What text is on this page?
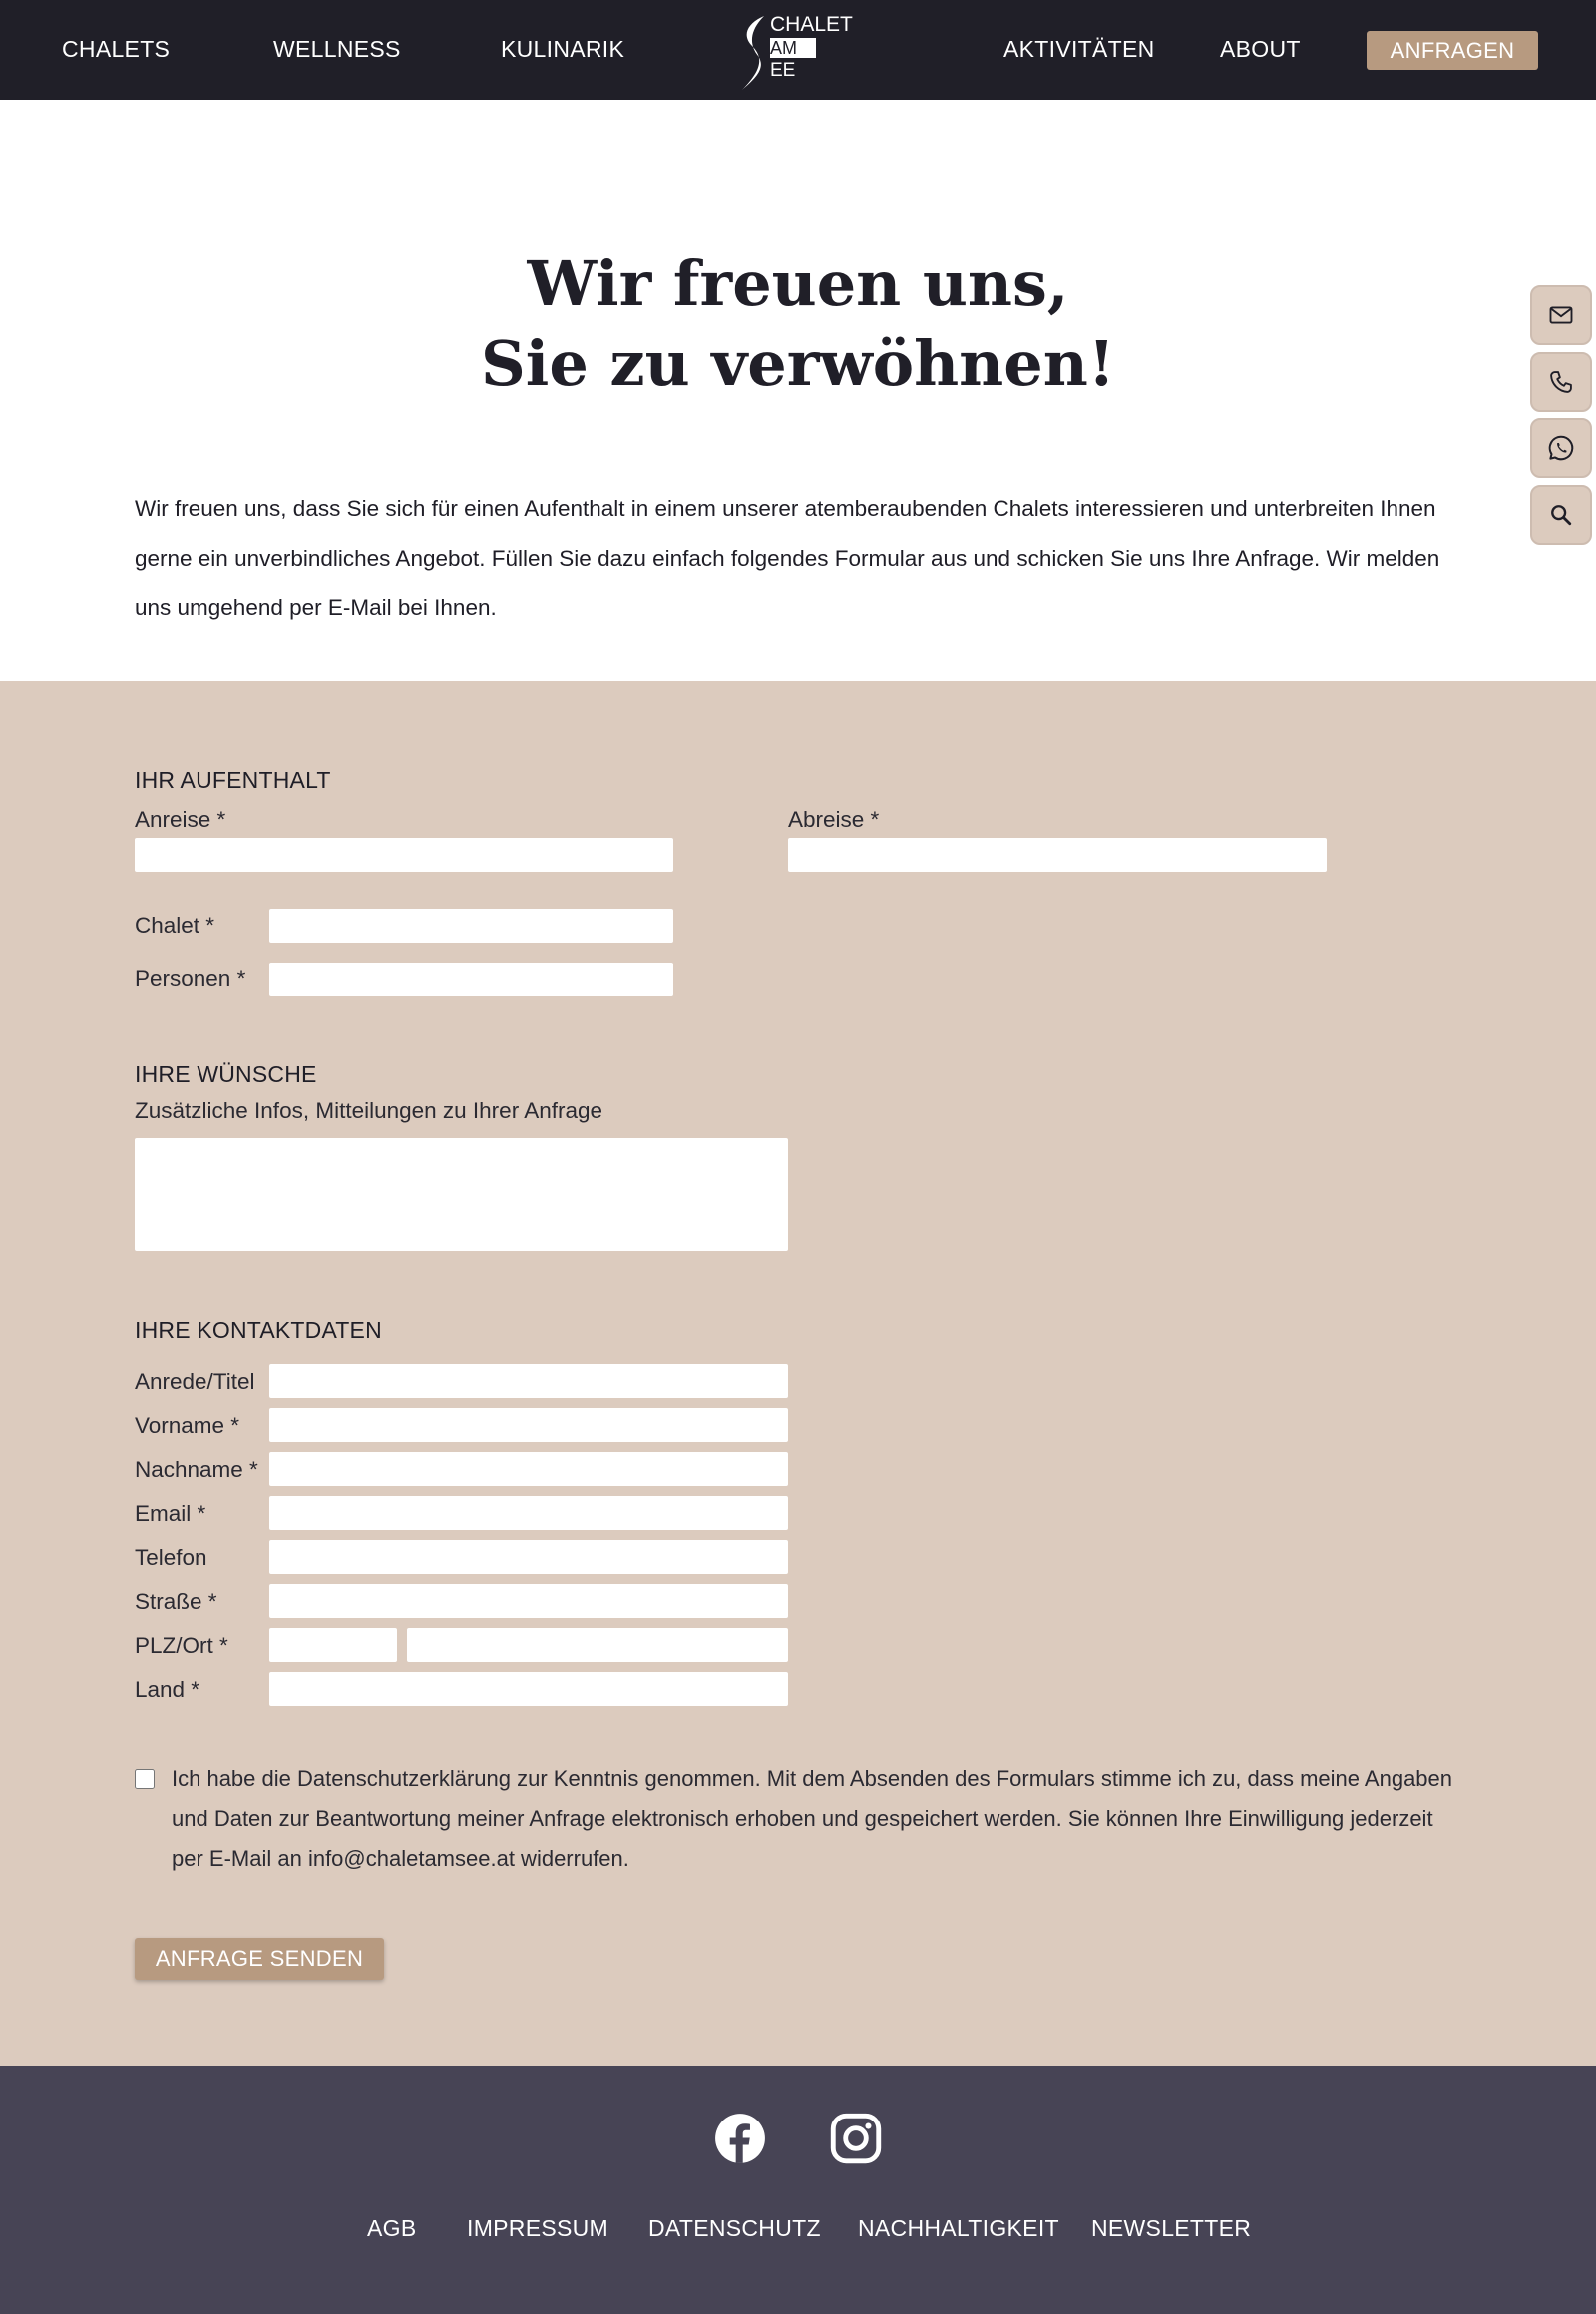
CHALETS	WELLNESS	KULINARIK
CHALET
AM
EE
AKTIVITÄTEN	ABOUT	ANFRAGEN
Wir freuen uns,
Sie zu verwöhnen!

Wir freuen uns, dass Sie sich für einen Aufenthalt in einem unserer atemberaubenden Chalets interessieren und unterbreiten Ihnen gerne ein unverbindliches Angebot. Füllen Sie dazu einfach folgendes Formular aus und schicken Sie uns Ihre Anfrage. Wir melden uns umgehend per E-Mail bei Ihnen.

IHR AUFENTHALT
Anreise *	Abreise *
Chalet *
Personen *
IHRE WÜNSCHE
Zusätzliche Infos, Mitteilungen zu Ihrer Anfrage
IHRE KONTAKTDATEN
Anrede/Titel
Vorname *
Nachname *
Email *
Telefon
Straße *
PLZ/Ort *
Land *

Ich habe die Datenschutzerklärung zur Kenntnis genommen. Mit dem Absenden des Formulars stimme ich zu, dass meine Angaben und Daten zur Beantwortung meiner Anfrage elektronisch erhoben und gespeichert werden. Sie können Ihre Einwilligung jederzeit per E-Mail an info@chaletamsee.at widerrufen.

ANFRAGE SENDEN
AGB IMPRESSUM DATENSCHUTZ NACHHALTIGKEIT NEWSLETTER
